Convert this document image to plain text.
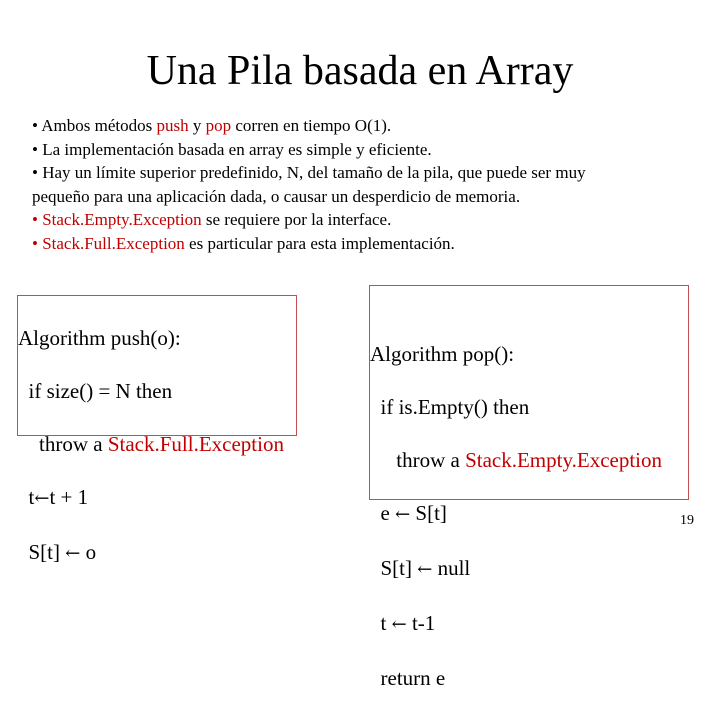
Una Pila basada en Array
• Ambos métodos push y pop corren en tiempo O(1).
• La implementación basada en array es simple y eficiente.
• Hay un límite superior predefinido, N, del tamaño de la pila, que puede ser muy
pequeño para una aplicación dada, o causar un desperdicio de memoria.
• Stack.Empty.Exception se requiere por la interface.
• Stack.Full.Exception es particular para esta implementación.

Algorithm push(o):

if size() = N then

throw a Stack.Full.Exception

t←t + 1

S[t] ← o

Algorithm pop():

if is.Empty() then

throw a Stack.Empty.Exception

e ← S[t]

S[t] ← null

t ← t-1

return e

19
